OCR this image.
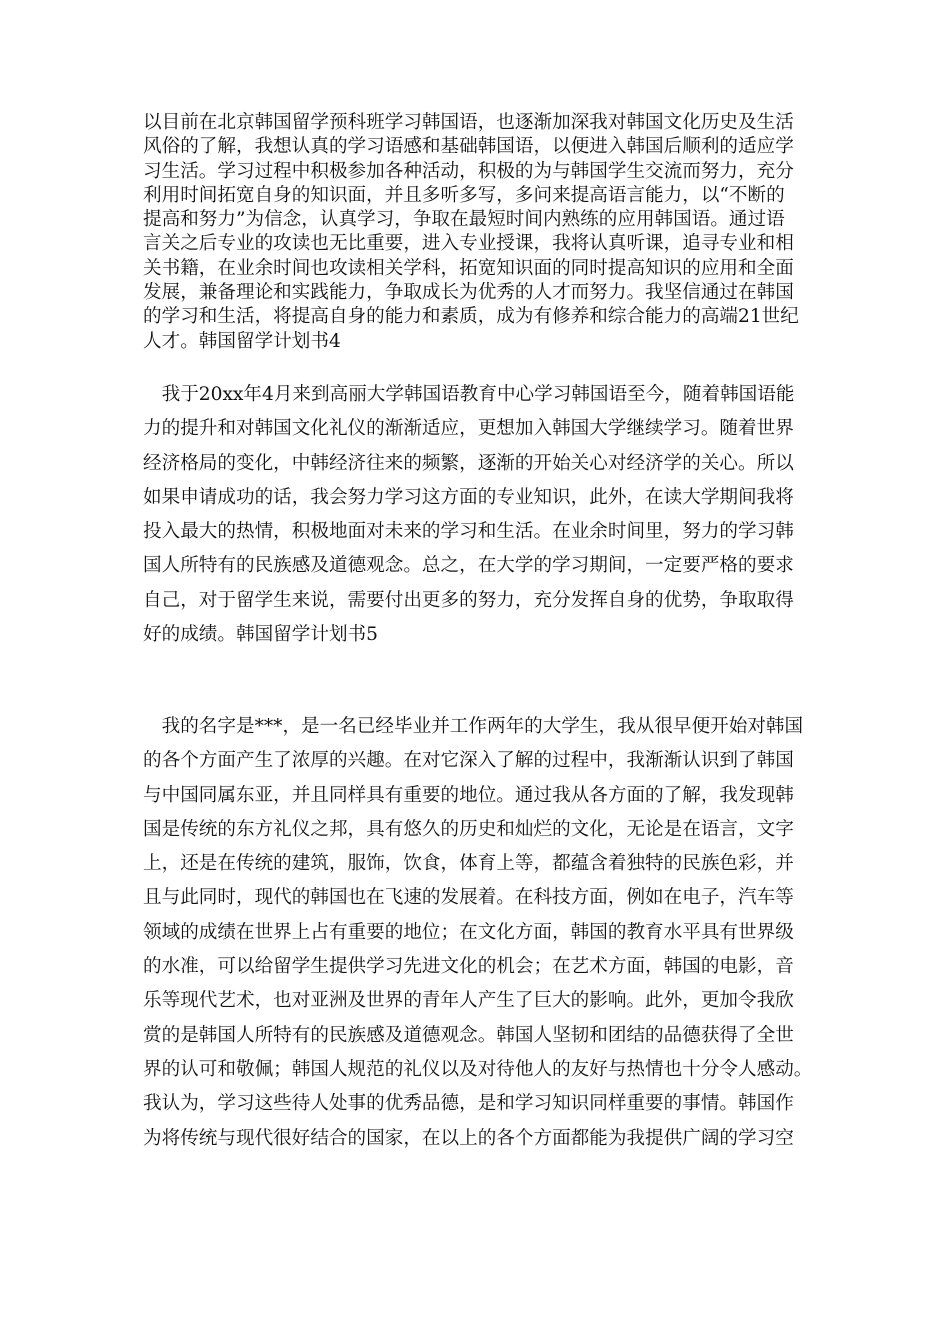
以目前在北京韩国留学预科班学习韩国语，也逐渐加深我对韩国文化历史及生活
风俗的了解，我想认真的学习语感和基础韩国语，以便进入韩国后顺利的适应学
习生活。学习过程中积极参加各种活动，积极的为与韩国学生交流而努力，充分
利用时间拓宽自身的知识面，并且多听多写，多问来提高语言能力，以“不断的
提高和努力”为信念，认真学习，争取在最短时间内熟练的应用韩国语。通过语
言关之后专业的攻读也无比重要，进入专业授课，我将认真听课，追寻专业和相
关书籍，在业余时间也攻读相关学科，拓宽知识面的同时提高知识的应用和全面
发展，兼备理论和实践能力，争取成长为优秀的人才而努力。我坚信通过在韩国
的学习和生活，将提高自身的能力和素质，成为有修养和综合能力的高端21世纪
人才。韩国留学计划书4
　我于20xx年4月来到高丽大学韩国语教育中心学习韩国语至今，随着韩国语能
力的提升和对韩国文化礼仪的渐渐适应，更想加入韩国大学继续学习。随着世界
经济格局的变化，中韩经济往来的频繁，逐渐的开始关心对经济学的关心。所以
如果申请成功的话，我会努力学习这方面的专业知识，此外，在读大学期间我将
投入最大的热情，积极地面对未来的学习和生活。在业余时间里，努力的学习韩
国人所特有的民族感及道德观念。总之，在大学的学习期间，一定要严格的要求
自己，对于留学生来说，需要付出更多的努力，充分发挥自身的优势，争取取得
好的成绩。韩国留学计划书5
　我的名字是***，是一名已经毕业并工作两年的大学生，我从很早便开始对韩国
的各个方面产生了浓厚的兴趣。在对它深入了解的过程中，我渐渐认识到了韩国
与中国同属东亚，并且同样具有重要的地位。通过我从各方面的了解，我发现韩
国是传统的东方礼仪之邦，具有悠久的历史和灿烂的文化，无论是在语言，文字
上，还是在传统的建筑，服饰，饮食，体育上等，都蕴含着独特的民族色彩，并
且与此同时，现代的韩国也在飞速的发展着。在科技方面，例如在电子，汽车等
领域的成绩在世界上占有重要的地位；在文化方面，韩国的教育水平具有世界级
的水准，可以给留学生提供学习先进文化的机会；在艺术方面，韩国的电影，音
乐等现代艺术，也对亚洲及世界的青年人产生了巨大的影响。此外，更加令我欣
赏的是韩国人所特有的民族感及道德观念。韩国人坚韧和团结的品德获得了全世
界的认可和敬佩；韩国人规范的礼仪以及对待他人的友好与热情也十分令人感动。
我认为，学习这些待人处事的优秀品德，是和学习知识同样重要的事情。韩国作
为将传统与现代很好结合的国家，在以上的各个方面都能为我提供广阔的学习空
